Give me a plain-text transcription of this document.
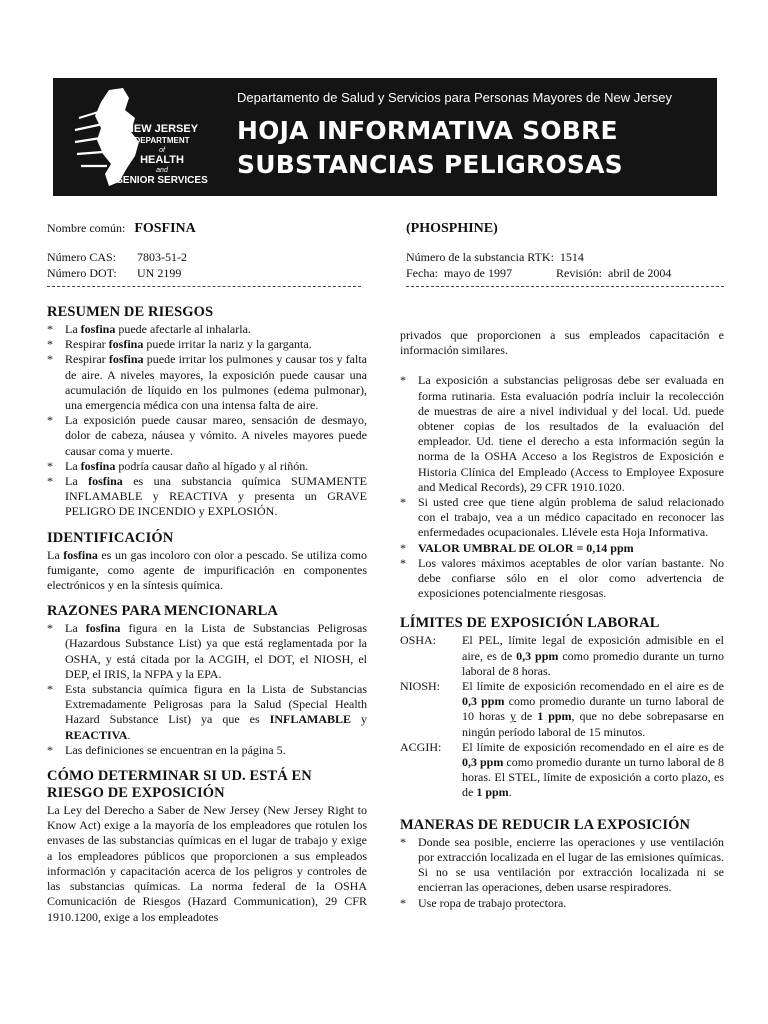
NEW JERSEY
DEPARTMENT
of
HEALTH
and
SENIOR SERVICES
Departamento de Salud y Servicios para Personas Mayores de New Jersey
HOJA INFORMATIVA SOBRE
SUBSTANCIAS PELIGROSAS
Nombre común: FOSFINA	(PHOSPHINE)
Número CAS: 7803-51-2
Número DOT: UN 2199
Número de la substancia RTK: 1514
Fecha: mayo de 1997	Revisión: abril de 2004
RESUMEN DE RIESGOS
* La fosfina puede afectarle al inhalarla.
* Respirar fosfina puede irritar la nariz y la garganta.
* Respirar fosfina puede irritar los pulmones y causar tos y falta de aire. A niveles mayores, la exposición puede causar una acumulación de líquido en los pulmones (edema pulmonar), una emergencia médica con una intensa falta de aire.
* La exposición puede causar mareo, sensación de desmayo, dolor de cabeza, náusea y vómito. A niveles mayores puede causar coma y muerte.
* La fosfina podría causar daño al hígado y al riñón.
* La fosfina es una substancia química SUMAMENTE INFLAMABLE y REACTIVA y presenta un GRAVE PELIGRO DE INCENDIO y EXPLOSIÓN.
IDENTIFICACIÓN

La fosfina es un gas incoloro con olor a pescado. Se utiliza como fumigante, como agente de impurificación en componentes electrónicos y en la síntesis química.

RAZONES PARA MENCIONARLA
* La fosfina figura en la Lista de Substancias Peligrosas (Hazardous Substance List) ya que está reglamentada por la OSHA, y está citada por la ACGIH, el DOT, el NIOSH, el DEP, el IRIS, la NFPA y la EPA.
* Esta substancia química figura en la Lista de Substancias Extremadamente Peligrosas para la Salud (Special Health Hazard Substance List) ya que es INFLAMABLE y REACTIVA.
* Las definiciones se encuentran en la página 5.
CÓMO DETERMINAR SI UD. ESTÁ EN RIESGO DE EXPOSICIÓN

La Ley del Derecho a Saber de New Jersey (New Jersey Right to Know Act) exige a la mayoría de los empleadores que rotulen los envases de las substancias químicas en el lugar de trabajo y exige a los empleadores públicos que proporcionen a sus empleados información y capacitación acerca de los peligros y controles de las substancias químicas. La norma federal de la OSHA Comunicación de Riesgos (Hazard Communication), 29 CFR 1910.1200, exige a los empleadotes

privados que proporcionen a sus empleados capacitación e información similares.

* La exposición a substancias peligrosas debe ser evaluada en forma rutinaria. Esta evaluación podría incluir la recolección de muestras de aire a nivel individual y del local. Ud. puede obtener copias de los resultados de la evaluación del empleador. Ud. tiene el derecho a esta información según la norma de la OSHA Acceso a los Registros de Exposición e Historia Clínica del Empleado (Access to Employee Exposure and Medical Records), 29 CFR 1910.1020.
* Si usted cree que tiene algún problema de salud relacionado con el trabajo, vea a un médico capacitado en reconocer las enfermedades ocupacionales. Llévele esta Hoja Informativa.
* VALOR UMBRAL DE OLOR = 0,14 ppm
* Los valores máximos aceptables de olor varían bastante. No debe confiarse sólo en el olor como advertencia de exposiciones potencialmente riesgosas.
LÍMITES DE EXPOSICIÓN LABORAL
OSHA:	El PEL, límite legal de exposición admisible en el aire, es de 0,3 ppm como promedio durante un turno laboral de 8 horas.
NIOSH:	El límite de exposición recomendado en el aire es de 0,3 ppm como promedio durante un turno laboral de 10 horas y de 1 ppm, que no debe sobrepasarse en ningún período laboral de 15 minutos.
ACGIH:	El límite de exposición recomendado en el aire es de 0,3 ppm como promedio durante un turno laboral de 8 horas. El STEL, límite de exposición a corto plazo, es de 1 ppm.
MANERAS DE REDUCIR LA EXPOSICIÓN
* Donde sea posible, encierre las operaciones y use ventilación por extracción localizada en el lugar de las emisiones químicas. Si no se usa ventilación por extracción localizada ni se encierran las operaciones, deben usarse respiradores.
* Use ropa de trabajo protectora.
